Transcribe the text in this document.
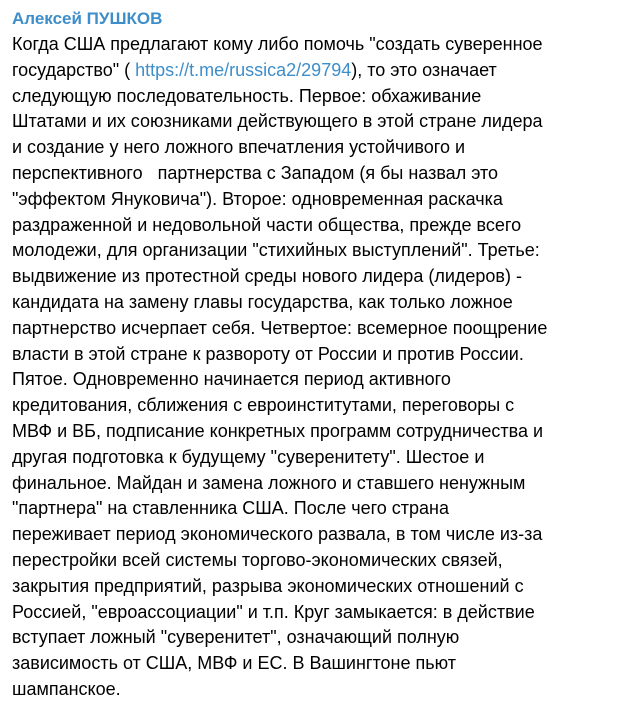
Алексей ПУШКОВ
Когда США предлагают кому либо помочь "создать суверенное
государство" ( https://t.me/russica2/29794), то это означает
следующую последовательность. Первое: обхаживание
Штатами и их союзниками действующего в этой стране лидера
и создание у него ложного впечатления устойчивого и
перспективного   партнерства с Западом (я бы назвал это
"эффектом Януковича"). Второе: одновременная раскачка
раздраженной и недовольной части общества, прежде всего
молодежи, для организации "стихийных выступлений". Третье:
выдвижение из протестной среды нового лидера (лидеров) -
кандидата на замену главы государства, как только ложное
партнерство исчерпает себя. Четвертое: всемерное поощрение
власти в этой стране к развороту от России и против России.
Пятое. Одновременно начинается период активного
кредитования, сближения с евроинститутами, переговоры с
МВФ и ВБ, подписание конкретных программ сотрудничества и
другая подготовка к будущему "суверенитету". Шестое и
финальное. Майдан и замена ложного и ставшего ненужным
"партнера" на ставленника США. После чего страна
переживает период экономического развала, в том числе из-за
перестройки всей системы торгово-экономических связей,
закрытия предприятий, разрыва экономических отношений с
Россией, "евроассоциации" и т.п. Круг замыкается: в действие
вступает ложный "суверенитет", означающий полную
зависимость от США, МВФ и ЕС. В Вашингтоне пьют
шампанское.
